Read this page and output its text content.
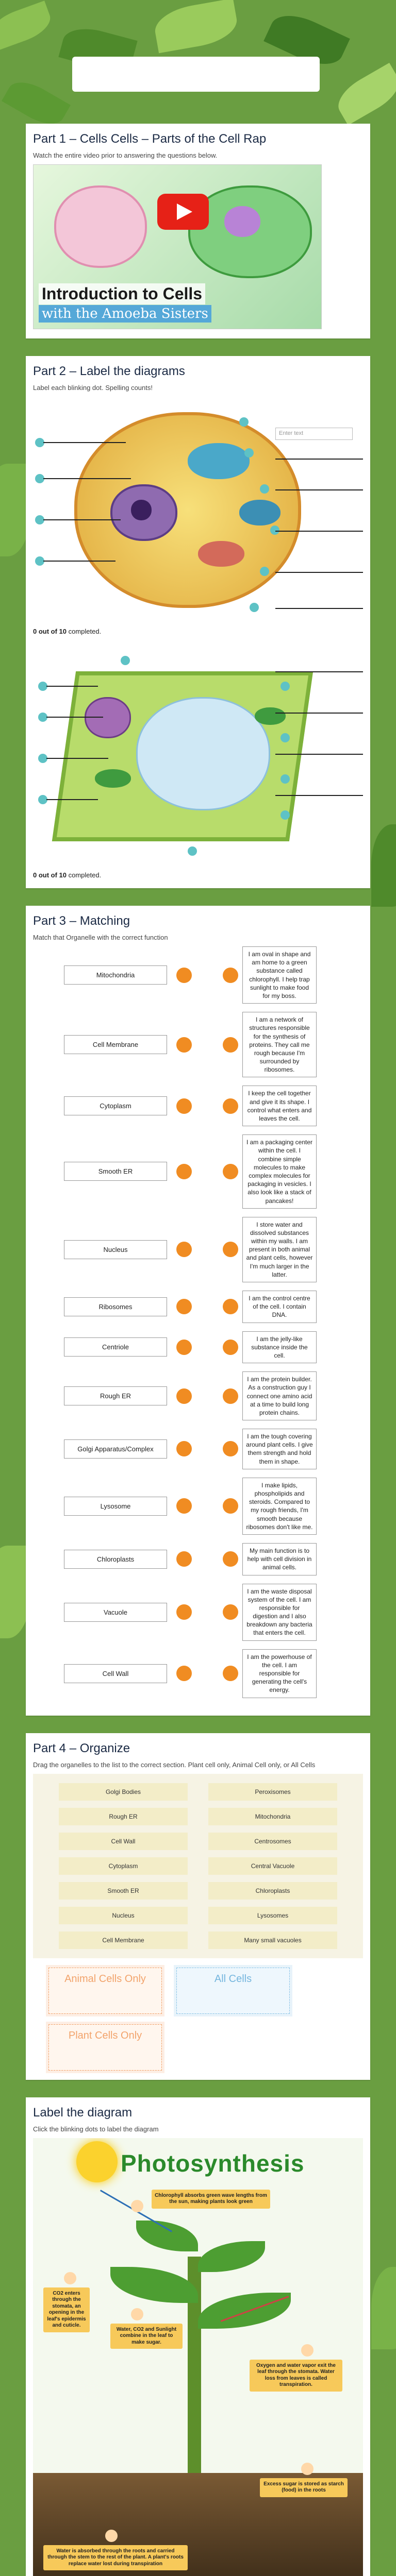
Part 1 – Cells Cells – Parts of the Cell Rap
Watch the entire video prior to answering the questions below.
Introduction to Cells
with the Amoeba Sisters
Part 2 – Label the diagrams
Label each blinking dot. Spelling counts!
Enter text
0 out of 10 completed.
0 out of 10 completed.
Part 3 – Matching
Match that Organelle with the correct function
Mitochondria
I am oval in shape and am home to a green substance called chlorophyll. I help trap sunlight to make food for my boss.
Cell Membrane
I am a network of structures responsible for the synthesis of proteins. They call me rough because I'm surrounded by ribosomes.
Cytoplasm
I keep the cell together and give it its shape. I control what enters and leaves the cell.
Smooth ER
I am a packaging center within the cell. I combine simple molecules to make complex molecules for packaging in vesicles. I also look like a stack of pancakes!
Nucleus
I store water and dissolved substances within my walls. I am present in both animal and plant cells, however I'm much larger in the latter.
Ribosomes
I am the control centre of the cell. I contain DNA.
Centriole
I am the jelly-like substance inside the cell.
Rough ER
I am the protein builder. As a construction guy I connect one amino acid at a time to build long protein chains.
Golgi Apparatus/Complex
I am the tough covering around plant cells. I give them strength and hold them in shape.
Lysosome
I make lipids, phospholipids and steroids. Compared to my rough friends, I'm smooth because ribosomes don't like me.
Chloroplasts
My main function is to help with cell division in animal cells.
Vacuole
I am the waste disposal system of the cell. I am responsible for digestion and I also breakdown any bacteria that enters the cell.
Cell Wall
I am the powerhouse of the cell. I am responsible for generating the cell's energy.
Part 4 – Organize
Drag the organelles to the list to the correct section. Plant cell only, Animal Cell only, or All Cells
Golgi Bodies	Peroxisomes
Rough ER	Mitochondria
Cell Wall	Centrosomes
Cytoplasm	Central Vacuole
Smooth ER	Chloroplasts
Nucleus	Lysosomes
Cell Membrane	Many small vacuoles
Animal Cells Only	All Cells
Plant Cells Only
Label the diagram
Click the blinking dots to label the diagram
Photosynthesis
Chlorophyll absorbs green wave lengths from the sun, making plants look green
CO2 enters through the stomata, an opening in the leaf's epidermis and cuticle.
Water, CO2 and Sunlight combine in the leaf to make sugar.
Oxygen and water vapor exit the leaf through the stomata. Water loss from leaves is called transpiration.
Excess sugar is stored as starch (food) in the roots
Water is absorbed through the roots and carried through the stem to the rest of the plant. A plant's roots replace water lost during transpiration
